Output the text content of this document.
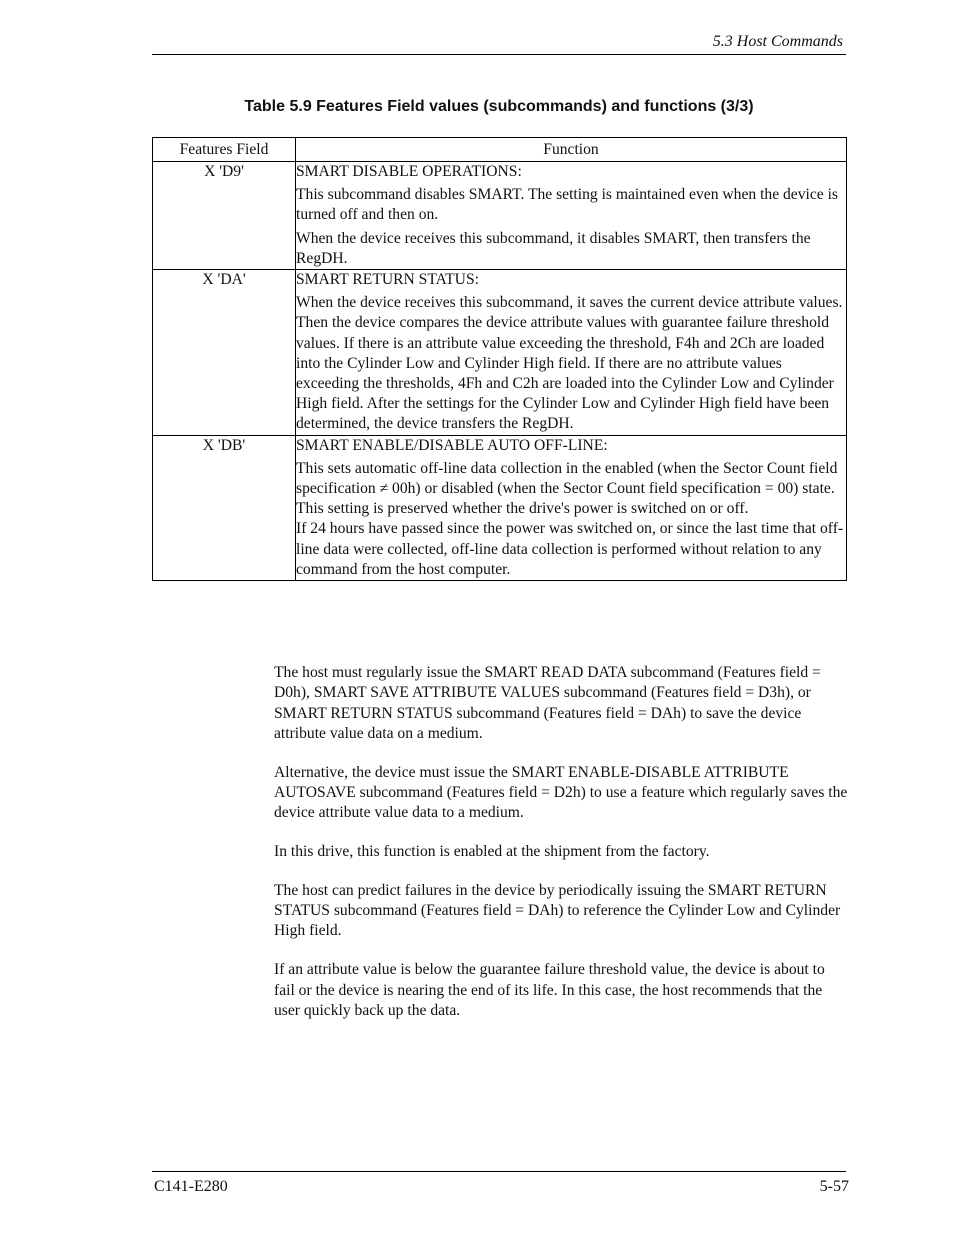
5.3 Host Commands
Table 5.9 Features Field values (subcommands) and functions (3/3)
Features Field	Function
X 'D9'	SMART DISABLE OPERATIONS:

This subcommand disables SMART. The setting is maintained even when the device is turned off and then on.

When the device receives this subcommand, it disables SMART, then transfers the RegDH.

X 'DA'	SMART RETURN STATUS:

When the device receives this subcommand, it saves the current device attribute values. Then the device compares the device attribute values with guarantee failure threshold values. If there is an attribute value exceeding the threshold, F4h and 2Ch are loaded into the Cylinder Low and Cylinder High field. If there are no attribute values exceeding the thresholds, 4Fh and C2h are loaded into the Cylinder Low and Cylinder High field. After the settings for the Cylinder Low and Cylinder High field have been determined, the device transfers the RegDH.

X 'DB'	SMART ENABLE/DISABLE AUTO OFF-LINE:

This sets automatic off-line data collection in the enabled (when the Sector Count field specification ≠ 00h) or disabled (when the Sector Count field specification = 00) state. This setting is preserved whether the drive's power is switched on or off.

If 24 hours have passed since the power was switched on, or since the last time that off-line data were collected, off-line data collection is performed without relation to any command from the host computer.

The host must regularly issue the SMART READ DATA subcommand (Features field = D0h), SMART SAVE ATTRIBUTE VALUES subcommand (Features field = D3h), or SMART RETURN STATUS subcommand (Features field = DAh) to save the device attribute value data on a medium.

Alternative, the device must issue the SMART ENABLE-DISABLE ATTRIBUTE AUTOSAVE subcommand (Features field = D2h) to use a feature which regularly saves the device attribute value data to a medium.

In this drive, this function is enabled at the shipment from the factory.

The host can predict failures in the device by periodically issuing the SMART RETURN STATUS subcommand (Features field = DAh) to reference the Cylinder Low and Cylinder High field.

If an attribute value is below the guarantee failure threshold value, the device is about to fail or the device is nearing the end of its life. In this case, the host recommends that the user quickly back up the data.

C141-E280	5-57
